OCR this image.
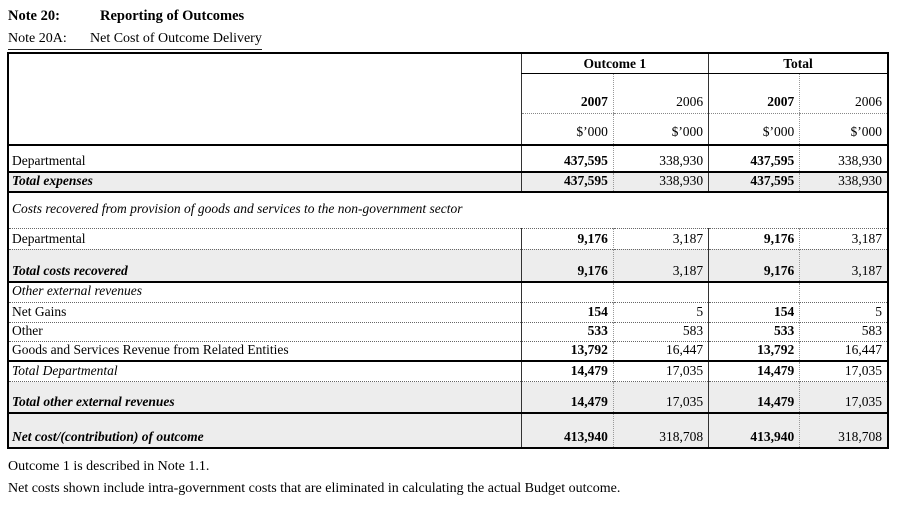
Note 20:	Reporting of Outcomes
Note 20A: Net Cost of Outcome Delivery
	Outcome 1		Total	
	2007	2006	2007	2006
	$’000	$’000	$’000	$’000
Departmental	437,595	338,930	437,595	338,930
Total expenses	437,595	338,930	437,595	338,930
Costs recovered from provision of goods and services to the non-government sector				
Departmental	9,176	3,187	9,176	3,187
Total costs recovered	9,176	3,187	9,176	3,187
Other external revenues				
Net Gains	154	5	154	5
Other	533	583	533	583
Goods and Services Revenue from Related Entities	13,792	16,447	13,792	16,447
Total Departmental	14,479	17,035	14,479	17,035
Total other external revenues	14,479	17,035	14,479	17,035
Net cost/(contribution) of outcome	413,940	318,708	413,940	318,708
Outcome 1 is described in Note 1.1.
Net costs shown include intra-government costs that are eliminated in calculating the actual Budget outcome.
